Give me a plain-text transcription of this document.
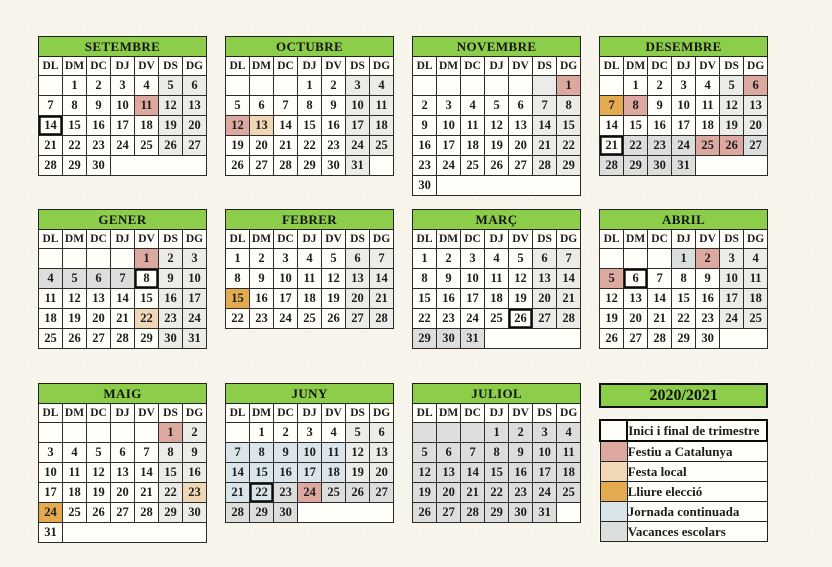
SETEMBRE						
DL	DM	DC	DJ	DV	DS	DG
	1	2	3	4	5	6
7	8	9	10	11	12	13
14	15	16	17	18	19	20
21	22	23	24	25	26	27
28	29	30				
OCTUBRE						
DL	DM	DC	DJ	DV	DS	DG
			1	2	3	4
5	6	7	8	9	10	11
12	13	14	15	16	17	18
19	20	21	22	23	24	25
26	27	28	29	30	31	
NOVEMBRE						
DL	DM	DC	DJ	DV	DS	DG
						1
2	3	4	5	6	7	8
9	10	11	12	13	14	15
16	17	18	19	20	21	22
23	24	25	26	27	28	29
30						
DESEMBRE						
DL	DM	DC	DJ	DV	DS	DG
	1	2	3	4	5	6
7	8	9	10	11	12	13
14	15	16	17	18	19	20
21	22	23	24	25	26	27
28	29	30	31			
GENER						
DL	DM	DC	DJ	DV	DS	DG
				1	2	3
4	5	6	7	8	9	10
11	12	13	14	15	16	17
18	19	20	21	22	23	24
25	26	27	28	29	30	31
FEBRER						
DL	DM	DC	DJ	DV	DS	DG
1	2	3	4	5	6	7
8	9	10	11	12	13	14
15	16	17	18	19	20	21
22	23	24	25	26	27	28
MARÇ						
DL	DM	DC	DJ	DV	DS	DG
1	2	3	4	5	6	7
8	9	10	11	12	13	14
15	16	17	18	19	20	21
22	23	24	25	26	27	28
29	30	31				
ABRIL						
DL	DM	DC	DJ	DV	DS	DG
			1	2	3	4
5	6	7	8	9	10	11
12	13	14	15	16	17	18
19	20	21	22	23	24	25
26	27	28	29	30		
MAIG						
DL	DM	DC	DJ	DV	DS	DG
					1	2
3	4	5	6	7	8	9
10	11	12	13	14	15	16
17	18	19	20	21	22	23
24	25	26	27	28	29	30
31						
JUNY						
DL	DM	DC	DJ	DV	DS	DG
	1	2	3	4	5	6
7	8	9	10	11	12	13
14	15	16	17	18	19	20
21	22	23	24	25	26	27
28	29	30				
JULIOL						
DL	DM	DC	DJ	DV	DS	DG
			1	2	3	4
5	6	7	8	9	10	11
12	13	14	15	16	17	18
19	20	21	22	23	24	25
26	27	28	29	30	31	
2020/2021
	Inici i final de trimestre
	Festiu a Catalunya
	Festa local
	Lliure elecció
	Jornada continuada
	Vacances escolars
